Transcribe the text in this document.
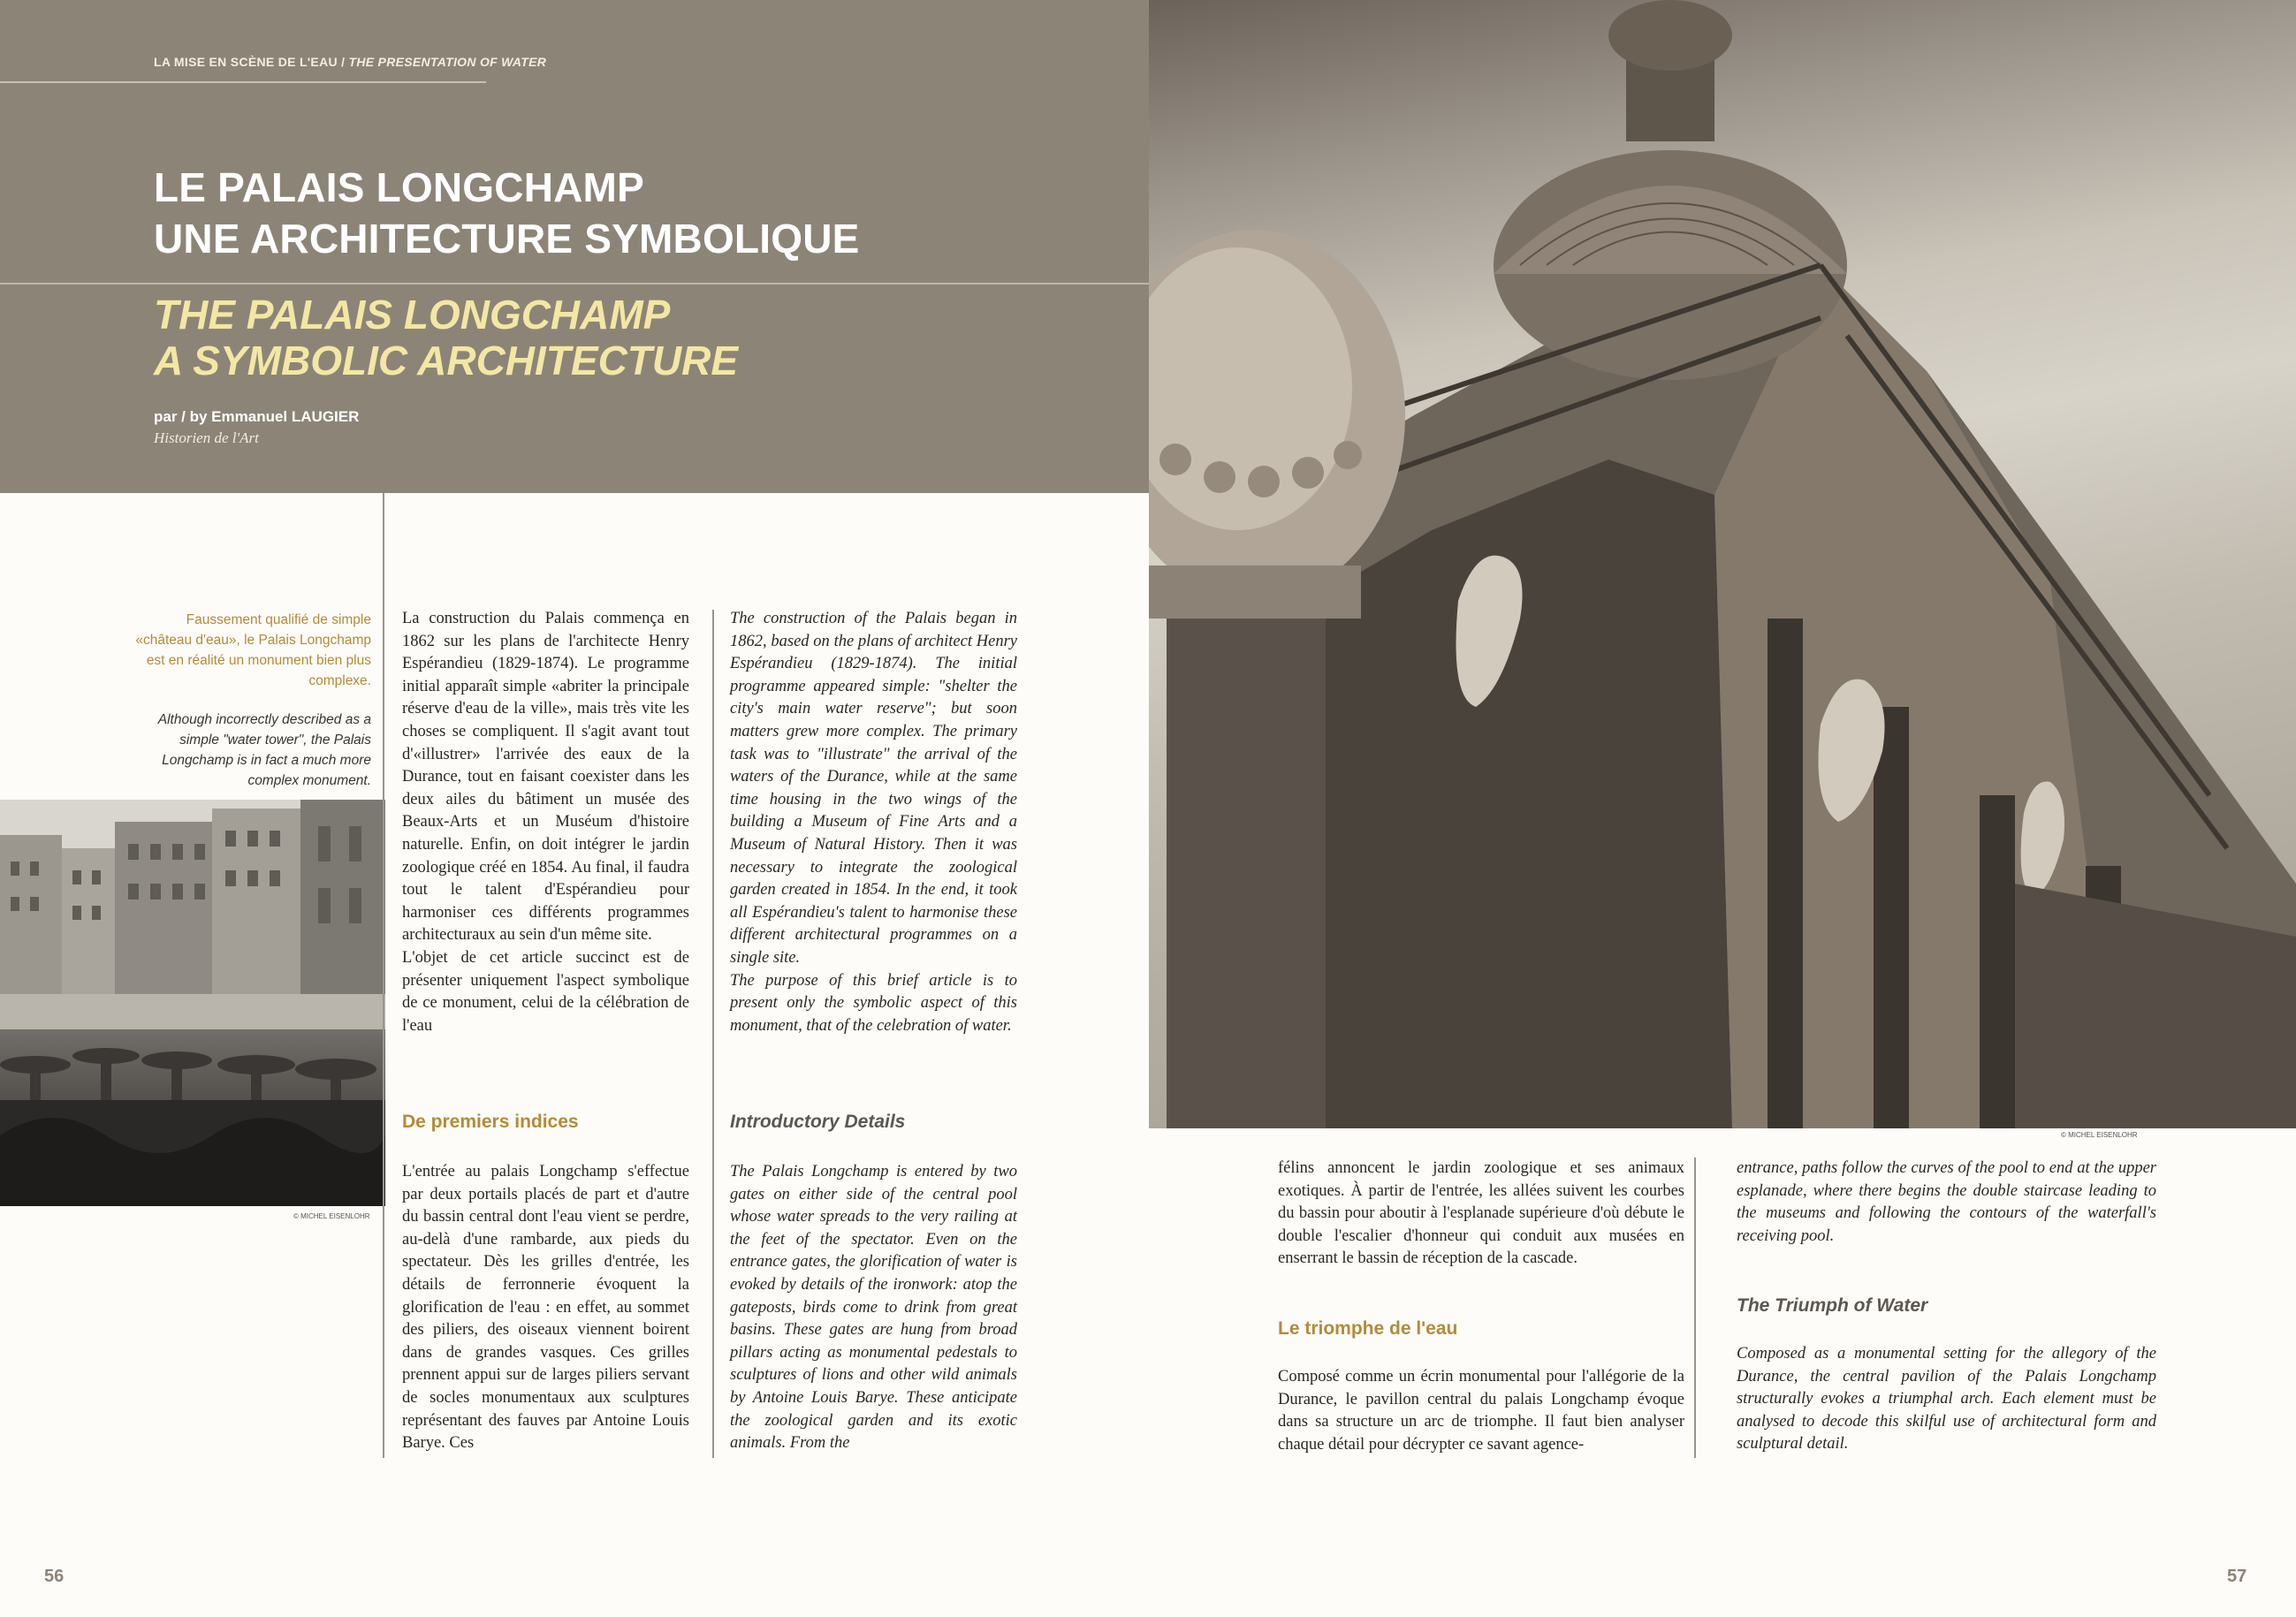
LA MISE EN SCÈNE DE L'EAU / THE PRESENTATION OF WATER
LE PALAIS LONGCHAMP
UNE ARCHITECTURE SYMBOLIQUE
THE PALAIS LONGCHAMP
A SYMBOLIC ARCHITECTURE
par / by Emmanuel LAUGIER
Historien de l'Art
Faussement qualifié de simple «château d'eau», le Palais Longchamp est en réalité un monument bien plus complexe.
Although incorrectly described as a simple "water tower", the Palais Longchamp is in fact a much more complex monument.
© MICHEL EISENLOHR

La construction du Palais commença en 1862 sur les plans de l'architecte Henry Espérandieu (1829-1874). Le programme initial apparaît simple «abriter la principale réserve d'eau de la ville», mais très vite les choses se compliquent. Il s'agit avant tout d'«illustrer» l'arrivée des eaux de la Durance, tout en faisant coexister dans les deux ailes du bâtiment un musée des Beaux-Arts et un Muséum d'histoire naturelle. Enfin, on doit intégrer le jardin zoologique créé en 1854. Au final, il faudra tout le talent d'Espérandieu pour harmoniser ces différents programmes architecturaux au sein d'un même site.

L'objet de cet article succinct est de présenter uniquement l'aspect symbolique de ce monument, celui de la célébration de l'eau

De premiers indices

L'entrée au palais Longchamp s'effectue par deux portails placés de part et d'autre du bassin central dont l'eau vient se perdre, au-delà d'une rambarde, aux pieds du spectateur. Dès les grilles d'entrée, les détails de ferronnerie évoquent la glorification de l'eau : en effet, au sommet des piliers, des oiseaux viennent boirent dans de grandes vasques. Ces grilles prennent appui sur de larges piliers servant de socles monumentaux aux sculptures représentant des fauves par Antoine Louis Barye. Ces

The construction of the Palais began in 1862, based on the plans of architect Henry Espérandieu (1829-1874). The initial programme appeared simple: "shelter the city's main water reserve"; but soon matters grew more complex. The primary task was to "illustrate" the arrival of the waters of the Durance, while at the same time housing in the two wings of the building a Museum of Fine Arts and a Museum of Natural History. Then it was necessary to integrate the zoological garden created in 1854. In the end, it took all Espérandieu's talent to harmonise these different architectural programmes on a single site.

The purpose of this brief article is to present only the symbolic aspect of this monument, that of the celebration of water.

Introductory Details

The Palais Longchamp is entered by two gates on either side of the central pool whose water spreads to the very railing at the feet of the spectator. Even on the entrance gates, the glorification of water is evoked by details of the ironwork: atop the gateposts, birds come to drink from great basins. These gates are hung from broad pillars acting as monumental pedestals to sculptures of lions and other wild animals by Antoine Louis Barye. These anticipate the zoological garden and its exotic animals. From the

56
© MICHEL EISENLOHR

félins annoncent le jardin zoologique et ses animaux exotiques. À partir de l'entrée, les allées suivent les courbes du bassin pour aboutir à l'esplanade supérieure d'où débute le double l'escalier d'honneur qui conduit aux musées en enserrant le bassin de réception de la cascade.

Le triomphe de l'eau

Composé comme un écrin monumental pour l'allégorie de la Durance, le pavillon central du palais Longchamp évoque dans sa structure un arc de triomphe. Il faut bien analyser chaque détail pour décrypter ce savant agence-

entrance, paths follow the curves of the pool to end at the upper esplanade, where there begins the double staircase leading to the museums and following the contours of the waterfall's receiving pool.

The Triumph of Water

Composed as a monumental setting for the allegory of the Durance, the central pavilion of the Palais Longchamp structurally evokes a triumphal arch. Each element must be analysed to decode this skilful use of architectural form and sculptural detail.

57
